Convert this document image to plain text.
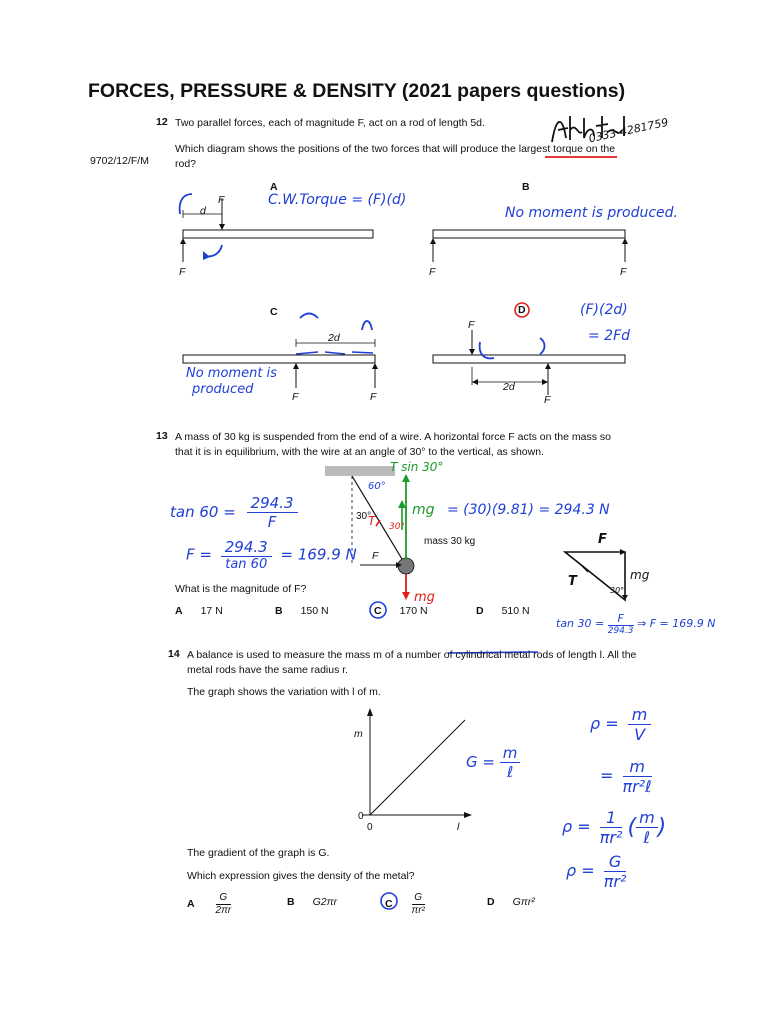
FORCES, PRESSURE & DENSITY (2021 papers questions)
0333-4281759
12 Two parallel forces, each of magnitude F, act on a rod of length 5d.
9702/12/F/M
Which diagram shows the positions of the two forces that will produce the largest torque on the
rod?
A	B
C	D
F
d
F	F	F
2d
F	F
F
2d
F
C.W.Torque = (F)(d)
No moment is produced.
No moment is
produced
(F)(2d)
= 2Fd
13 A mass of 30 kg is suspended from the end of a wire. A horizontal force F acts on the mass so
that it is in equilibrium, with the wire at an angle of 30° to the vertical, as shown.
30°
mass 30 kg
F
T sin 30°
60°
T 30°
mg = (30)(9.81) = 294.3 N
mg
$\tan 60 = \frac{294.3}{F}$
$F = \frac{294.3}{\tan 60} = 169.9$ N
F
T	mg
30°
tan 30 =	F
294.3
⇒ F = 169.9 N
What is the magnitude of F?
A 17 N	B 150 N	C 170 N	D 510 N
14 A balance is used to measure the mass m of a number of cylindrical metal rods of length l. All the
metal rods have the same radius r.
The graph shows the variation with l of m.
m
0
0	l
G = m
ℓ
$\rho = \frac{m}{V}$
= m
πr²ℓ
$\rho = \frac{1}{\text{πr²}}$ ( m
ℓ )
$\rho = \frac{G}{\text{πr²}}$
The gradient of the graph is G.
Which expression gives the density of the metal?
A $\frac{G}{2\pi r}$	B G2πr	C $\frac{G}{\text{πr²}}$	D Gπr²
